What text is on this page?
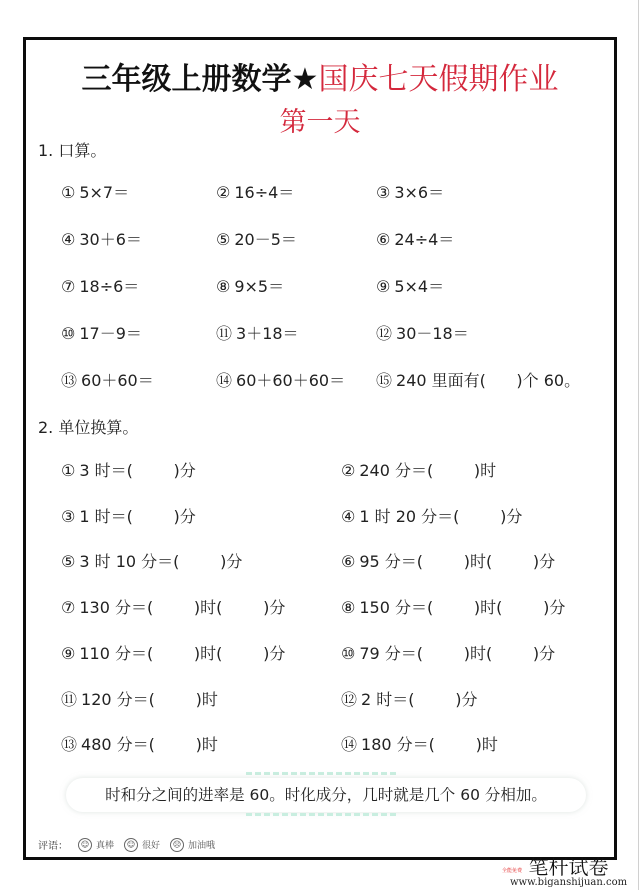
三年级上册数学★国庆七天假期作业
第一天
1. 口算。
① 5×7＝	② 16÷4＝	③ 3×6＝
④ 30＋6＝	⑤ 20－5＝	⑥ 24÷4＝
⑦ 18÷6＝	⑧ 9×5＝	⑨ 5×4＝
⑩ 17－9＝	⑪ 3＋18＝	⑫ 30－18＝
⑬ 60＋60＝	⑭ 60＋60＋60＝ ⑮ 240 里面有(      )个 60。
2. 单位换算。
① 3 时＝(        )分	② 240 分＝(        )时
③ 1 时＝(        )分	④ 1 时 20 分＝(        )分
⑤ 3 时 10 分＝(        )分	⑥ 95 分＝(        )时(        )分
⑦ 130 分＝(        )时(        )分	⑧ 150 分＝(        )时(        )分
⑨ 110 分＝(        )时(        )分	⑩ 79 分＝(        )时(        )分
⑪ 120 分＝(        )时	⑫ 2 时＝(        )分
⑬ 480 分＝(        )时	⑭ 180 分＝(        )时
时和分之间的进率是 60。时化成分，几时就是几个 60 分相加。
评语：	☺ 真棒	☺ 很好	☹ 加油哦
全能免费 笔杆试卷
www.biganshijuan.com
